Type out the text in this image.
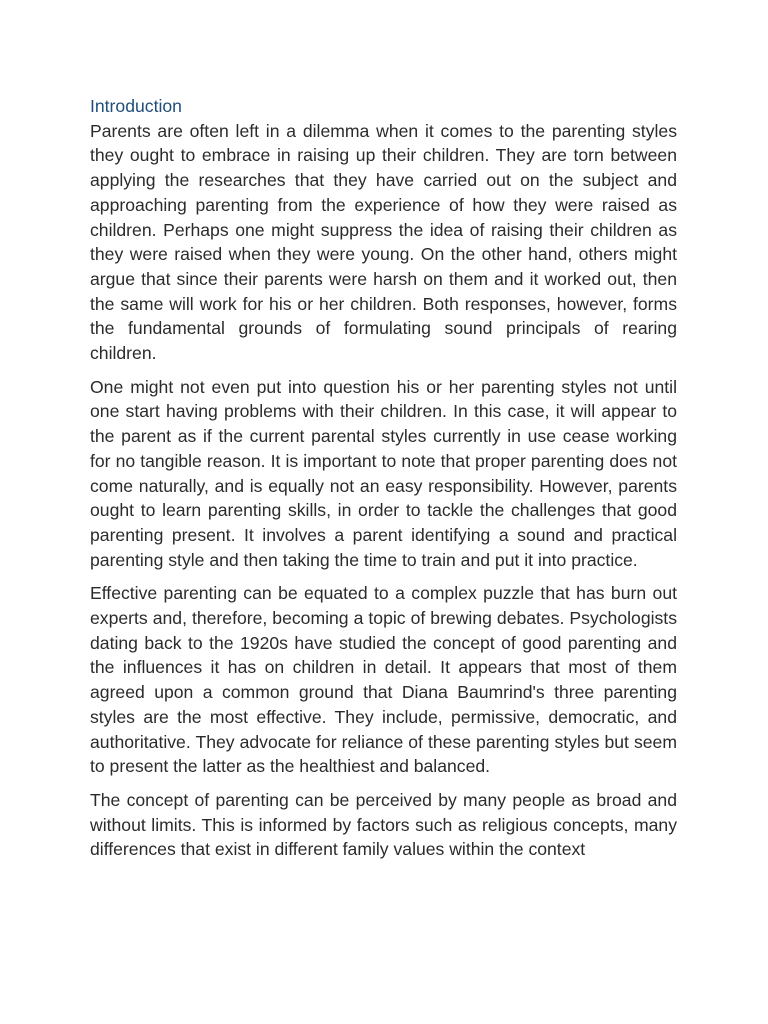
Introduction

Parents are often left in a dilemma when it comes to the parenting styles they ought to embrace in raising up their children. They are torn between applying the researches that they have carried out on the subject and approaching parenting from the experience of how they were raised as children. Perhaps one might suppress the idea of raising their children as they were raised when they were young. On the other hand, others might argue that since their parents were harsh on them and it worked out, then the same will work for his or her children. Both responses, however, forms the fundamental grounds of formulating sound principals of rearing children.

One might not even put into question his or her parenting styles not until one start having problems with their children. In this case, it will appear to the parent as if the current parental styles currently in use cease working for no tangible reason. It is important to note that proper parenting does not come naturally, and is equally not an easy responsibility. However, parents ought to learn parenting skills, in order to tackle the challenges that good parenting present. It involves a parent identifying a sound and practical parenting style and then taking the time to train and put it into practice.

Effective parenting can be equated to a complex puzzle that has burn out experts and, therefore, becoming a topic of brewing debates. Psychologists dating back to the 1920s have studied the concept of good parenting and the influences it has on children in detail. It appears that most of them agreed upon a common ground that Diana Baumrind's three parenting styles are the most effective. They include, permissive, democratic, and authoritative. They advocate for reliance of these parenting styles but seem to present the latter as the healthiest and balanced.

The concept of parenting can be perceived by many people as broad and without limits. This is informed by factors such as religious concepts, many differences that exist in different family values within the context
